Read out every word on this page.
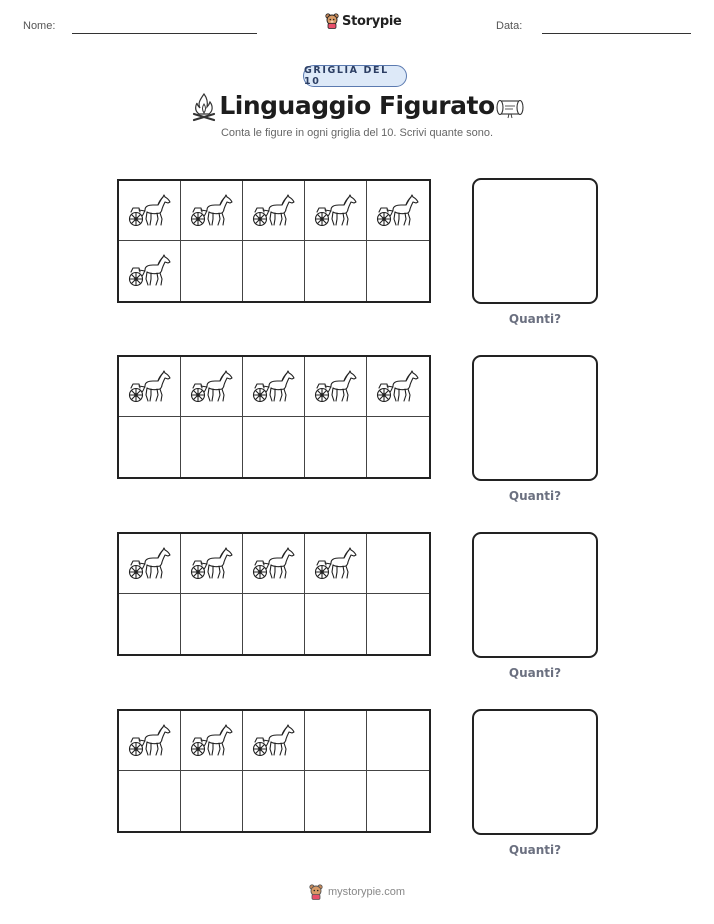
Nome:	Storypie	Data:
GRIGLIA DEL 10
Linguaggio Figurato
Conta le figure in ogni griglia del 10. Scrivi quante sono.
Quanti?
Quanti?
Quanti?
Quanti?
mystorypie.com
